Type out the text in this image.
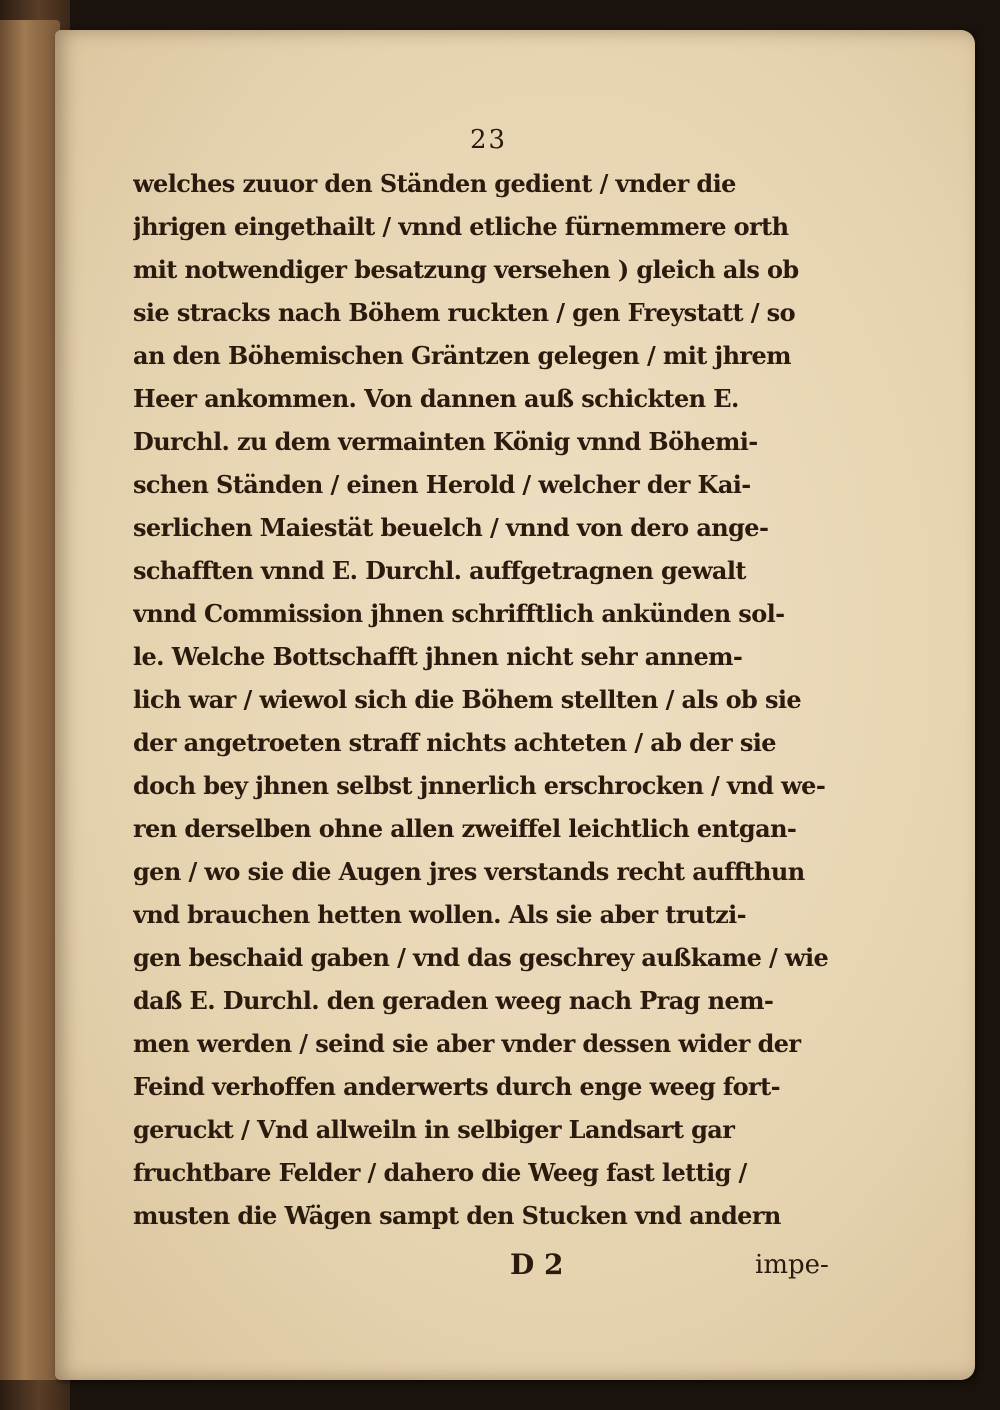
23
welches zuuor den Ständen gedient / vnder die
jhrigen eingethailt / vnnd etliche fürnemmere orth
mit notwendiger besatzung versehen ) gleich als ob
sie stracks nach Böhem ruckten / gen Freystatt / so
an den Böhemischen Gräntzen gelegen / mit jhrem
Heer ankommen. Von dannen auß schickten E.
Durchl. zu dem vermainten König vnnd Böhemi-
schen Ständen / einen Herold / welcher der Kai-
serlichen Maiestät beuelch / vnnd von dero ange-
schafften vnnd E. Durchl. auffgetragnen gewalt
vnnd Commission jhnen schrifftlich ankünden sol-
le. Welche Bottschafft jhnen nicht sehr annem-
lich war / wiewol sich die Böhem stellten / als ob sie
der angetroeten straff nichts achteten / ab der sie
doch bey jhnen selbst jnnerlich erschrocken / vnd we-
ren derselben ohne allen zweiffel leichtlich entgan-
gen / wo sie die Augen jres verstands recht auffthun
vnd brauchen hetten wollen. Als sie aber trutzi-
gen beschaid gaben / vnd das geschrey außkame / wie
daß E. Durchl. den geraden weeg nach Prag nem-
men werden / seind sie aber vnder dessen wider der
Feind verhoffen anderwerts durch enge weeg fort-
geruckt / Vnd allweiln in selbiger Landsart gar
fruchtbare Felder / dahero die Weeg fast lettig /
musten die Wägen sampt den Stucken vnd andern
D 2	impe-
